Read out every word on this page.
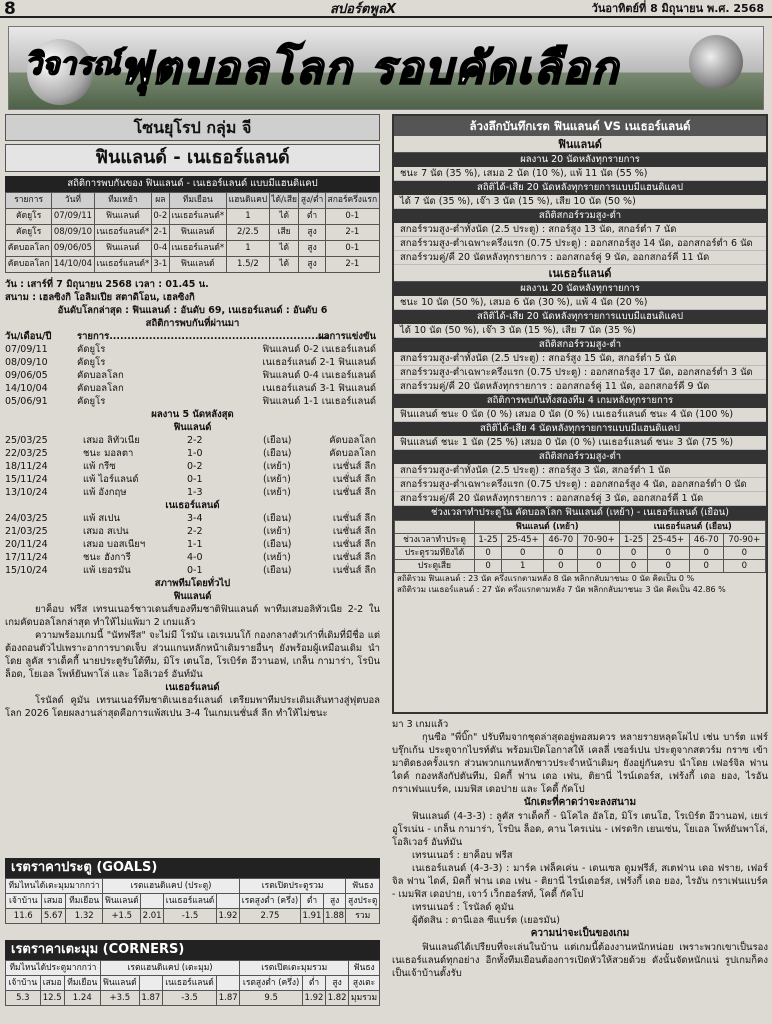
8	สปอร์ตพูลX	วันอาทิตย์ที่ 8 มิถุนายน พ.ศ. 2568
วิจารณ์
ฟุตบอลโลก รอบคัดเลือก
โซนยุโรป กลุ่ม จี
ฟินแลนด์ - เนเธอร์แลนด์
สถิติการพบกันของ ฟินแลนด์ - เนเธอร์แลนด์ แบบมีแฮนดิแคป
รายการ	วันที่	ทีมเหย้า	ผล	ทีมเยือน	แฮนดิแคป	ได้/เสีย	สูง/ต่ำ	สกอร์ครึ่งแรก
คัดยูโร	07/09/11	ฟินแลนด์	0-2	เนเธอร์แลนด์*	1	ได้	ต่ำ	0-1
คัดยูโร	08/09/10	เนเธอร์แลนด์*	2-1	ฟินแลนด์	2/2.5	เสีย	สูง	2-1
คัดบอลโลก	09/06/05	ฟินแลนด์	0-4	เนเธอร์แลนด์*	1	ได้	สูง	0-1
คัดบอลโลก	14/10/04	เนเธอร์แลนด์*	3-1	ฟินแลนด์	1.5/2	ได้	สูง	2-1
วัน : เสาร์ที่ 7 มิถุนายน 2568 เวลา : 01.45 น.
สนาม : เฮลซิงกิ โอลิมเปีย สตาดิโอน, เฮลซิงกิ
อันดับโลกล่าสุด : ฟินแลนด์ : อันดับ 69, เนเธอร์แลนด์ : อันดับ 6
สถิติการพบกันที่ผ่านมา
วัน/เดือน/ปี	รายการ.............................................................
ผลการแข่งขัน
07/09/11	คัดยูโร	ฟินแลนด์ 0-2 เนเธอร์แลนด์
08/09/10	คัดยูโร	เนเธอร์แลนด์ 2-1 ฟินแลนด์
09/06/05	คัดบอลโลก	ฟินแลนด์ 0-4 เนเธอร์แลนด์
14/10/04	คัดบอลโลก	เนเธอร์แลนด์ 3-1 ฟินแลนด์
05/06/91	คัดยูโร	ฟินแลนด์ 1-1 เนเธอร์แลนด์
ผลงาน 5 นัดหลังสุด
ฟินแลนด์
25/03/25	เสมอ ลิทัวเนีย	2-2	(เยือน)	คัดบอลโลก
22/03/25	ชนะ มอลตา	1-0	(เยือน)	คัดบอลโลก
18/11/24	แพ้ กรีซ	0-2	(เหย้า)	เนชั่นส์ ลีก
15/11/24	แพ้ ไอร์แลนด์	0-1	(เหย้า)	เนชั่นส์ ลีก
13/10/24	แพ้ อังกฤษ	1-3	(เหย้า)	เนชั่นส์ ลีก
เนเธอร์แลนด์
24/03/25	แพ้ สเปน	3-4	(เยือน)	เนชั่นส์ ลีก
21/03/25	เสมอ สเปน	2-2	(เหย้า)	เนชั่นส์ ลีก
20/11/24	เสมอ บอสเนียฯ	1-1	(เยือน)	เนชั่นส์ ลีก
17/11/24	ชนะ ฮังการี	4-0	(เหย้า)	เนชั่นส์ ลีก
15/10/24	แพ้ เยอรมัน	0-1	(เยือน)	เนชั่นส์ ลีก
สภาพทีมโดยทั่วไป
ฟินแลนด์

ยาค็อบ ฟรีส เทรนเนอร์ชาวเดนส์ของทีมชาติฟินแลนด์ พาทีมเสมอลิทัวเนีย 2-2 ในเกมคัดบอลโลกล่าสุด ทำให้ไม่แพ้มา 2 เกมแล้ว

ความพร้อมเกมนี้ "นัทฟรีส" จะไม่มี โรมัน เอเรเมนโก้ กองกลางตัวเก๋าที่เดิมที่มีชื่อ แต่ต้องถอนตัวไปเพราะอาการบาดเจ็บ ส่วนแกนหลักหน้าเดิมรายอื่นๆ ยังพร้อมผู้เหมือนเดิม นำโดย ลูคัส ราเด็คกี้ นายประตูรับใต้ทีม, มิโร เตนโฮ, โรเบิร์ต อีวานอฟ, เกล็น กามาร่า, โรบิน ล็อด, โยเอล โพห์ยันพาโล่ และ โอลิเวอร์ อันท์มัน

เนเธอร์แลนด์

โรนัลด์ คูมัน เทรนเนอร์ทีมชาติเนเธอร์แลนด์ เตรียมพาทีมประเดิมเส้นทางสู่ฟุตบอลโลก 2026 โดยผลงานล่าสุดคือการแพ้สเปน 3-4 ในเกมเนชั่นส์ ลีก ทำให้ไม่ชนะ

เรตราคาประตู (GOALS)
ทีมไหนได้เตะมุมมากกว่า			เรตแฮนดิแคป (ประตู)				เรตเปิดประตูรวม			ฟันธง
เจ้าบ้าน	เสมอ	ทีมเยือน	ฟินแลนด์		เนเธอร์แลนด์		เรตสูงต่ำ (ครึ่ง)	ต่ำ	สูง	สูงประตู
11.6	5.67	1.32	+1.5	2.01	-1.5	1.92	2.75	1.91	1.88	รวม
เรตราคาเตะมุม (CORNERS)
ทีมไหนได้ประตูมากกว่า			เรตแฮนดิแคป (เตะมุม)				เรตเปิดเตะมุมรวม			ฟันธง
เจ้าบ้าน	เสมอ	ทีมเยือน	ฟินแลนด์		เนเธอร์แลนด์		เรตสูงต่ำ (ครึ่ง)	ต่ำ	สูง	สูงเตะ
5.3	12.5	1.24	+3.5	1.87	-3.5	1.87	9.5	1.92	1.82	มุมรวม
ล้วงลึกบันทึกเรต ฟินแลนด์ VS เนเธอร์แลนด์
ฟินแลนด์
ผลงาน 20 นัดหลังทุกรายการ
ชนะ 7 นัด (35 %), เสมอ 2 นัด (10 %), แพ้ 11 นัด (55 %)
สถิติได้-เสีย 20 นัดหลังทุกรายการแบบมีแฮนดิแคป
ได้ 7 นัด (35 %), เจ๊า 3 นัด (15 %), เสีย 10 นัด (50 %)
สถิติสกอร์รวมสูง-ต่ำ
สกอร์รวมสูง-ต่ำทั้งนัด (2.5 ประตู) : สกอร์สูง 13 นัด, สกอร์ต่ำ 7 นัด
สกอร์รวมสูง-ต่ำเฉพาะครึ่งแรก (0.75 ประตู) : ออกสกอร์สูง 14 นัด, ออกสกอร์ต่ำ 6 นัด
สกอร์รวมคู่/คี่ 20 นัดหลังทุกรายการ : ออกสกอร์คู่ 9 นัด, ออกสกอร์คี่ 11 นัด
เนเธอร์แลนด์
ผลงาน 20 นัดหลังทุกรายการ
ชนะ 10 นัด (50 %), เสมอ 6 นัด (30 %), แพ้ 4 นัด (20 %)
สถิติได้-เสีย 20 นัดหลังทุกรายการแบบมีแฮนดิแคป
ได้ 10 นัด (50 %), เจ๊า 3 นัด (15 %), เสีย 7 นัด (35 %)
สถิติสกอร์รวมสูง-ต่ำ
สกอร์รวมสูง-ต่ำทั้งนัด (2.5 ประตู) : สกอร์สูง 15 นัด, สกอร์ต่ำ 5 นัด
สกอร์รวมสูง-ต่ำเฉพาะครึ่งแรก (0.75 ประตู) : ออกสกอร์สูง 17 นัด, ออกสกอร์ต่ำ 3 นัด
สกอร์รวมคู่/คี่ 20 นัดหลังทุกรายการ : ออกสกอร์คู่ 11 นัด, ออกสกอร์คี่ 9 นัด
สถิติการพบกันทั้งสองทีม 4 เกมหลังทุกรายการ
ฟินแลนด์ ชนะ 0 นัด (0 %) เสมอ 0 นัด (0 %) เนเธอร์แลนด์ ชนะ 4 นัด (100 %)
สถิติได้-เสีย 4 นัดหลังทุกรายการแบบมีแฮนดิแคป
ฟินแลนด์ ชนะ 1 นัด (25 %) เสมอ 0 นัด (0 %) เนเธอร์แลนด์ ชนะ 3 นัด (75 %)
สถิติสกอร์รวมสูง-ต่ำ
สกอร์รวมสูง-ต่ำทั้งนัด (2.5 ประตู) : สกอร์สูง 3 นัด, สกอร์ต่ำ 1 นัด
สกอร์รวมสูง-ต่ำเฉพาะครึ่งแรก (0.75 ประตู) : ออกสกอร์สูง 4 นัด, ออกสกอร์ต่ำ 0 นัด
สกอร์รวมคู่/คี่ 20 นัดหลังทุกรายการ : ออกสกอร์คู่ 3 นัด, ออกสกอร์คี่ 1 นัด
ช่วงเวลาทำประตูใน คัดบอลโลก ฟินแลนด์ (เหย้า) - เนเธอร์แลนด์ (เยือน)
	ฟินแลนด์ (เหย้า)				เนเธอร์แลนด์ (เยือน)			
ช่วงเวลาทำประตู	1-25	25-45+	46-70	70-90+	1-25	25-45+	46-70	70-90+
ประตูรวมที่ยิงได้	0	0	0	0	0	0	0	0
ประตูเสีย	0	1	0	0	0	0	0	0
สถิติรวม ฟินแลนด์ : 23 นัด ครึ่งแรกตามหลัง 8 นัด พลิกกลับมาชนะ 0 นัด คิดเป็น 0 %
สถิติรวม เนเธอร์แลนด์ : 27 นัด ครึ่งแรกตามหลัง 7 นัด พลิกกลับมาชนะ 3 นัด คิดเป็น 42.86 %

มา 3 เกมแล้ว

กุนซือ "พี่บิ๊ก" ปรับทีมจากชุดล่าสุดอยู่พอสมควร หลายรายหลุดโผไป เช่น บาร์ต แฟร์บรุ๊กเก้น ประตูจากไบรท์ตัน พร้อมเปิดโอกาสให้ เคลลี่ เซอร์เปน ประตูจากสตวร์ม กราซ เข้ามาติดธงครั้งแรก ส่วนพวกแกนหลักชาวประจำหน้าเดิมๆ ยังอยู่กันครบ นำโดย เฟอร์จิล ฟาน ไดค์ กองหลังกัปตันทีม, มิคกี้ ฟาน เดอ เฟน, ติยานี่ ไรน์เดอร์ส, เฟร้งกี้ เดอ ยอง, ไรอัน กราเฟนแบร์ค, เมมฟิส เดอปาย และ โคดี้ กัคโป

นักเตะที่คาดว่าจะลงสนาม

ฟินแลนด์ (4-3-3) : ลูคัส ราเด็คกี้ - นิโคไล อัลโฮ, มิโร เตนโฮ, โรเบิร์ต อีวานอฟ, เยเร่ อูโรเน่น - เกล็น กามาร่า, โรบิน ล็อด, คาน ไครเน่น - เฟรดริก เยนเซ่น, โยเอล โพห์ยันพาโล่, โอลิเวอร์ อันท์มัน

เทรนเนอร์ : ยาค็อบ ฟรีส

เนเธอร์แลนด์ (4-3-3) : มาร์ค เฟล็คเค่น - เดนเซล ดูมฟรีส์, สเตฟาน เดอ ฟราย, เฟอร์จิล ฟาน ไดค์, มิคกี้ ฟาน เดอ เฟน - ติยานี่ ไรน์เดอร์ส, เฟร้งกี้ เดอ ยอง, ไรอัน กราเฟนแบร์ค - เมมฟิส เดอปาย, เจาว์ เว็กฮอร์สท์, โคดี้ กัคโป

เทรนเนอร์ : โรนัลด์ คูมัน

ผู้ตัดสิน : ดานีเอล ซีแบร์ต (เยอรมัน)

ความน่าจะเป็นของเกม

ฟินแลนด์ได้เปรียบที่จะเล่นในบ้าน แต่เกมนี้ต้องงานหนักหน่อย เพราะพวกเขาเป็นรองเนเธอร์แลนด์ทุกอย่าง อีกทั้งทีมเยือนต้องการเปิดหัวให้สวยด้วย ดังนั้นจัดหนักแน่ รูปเกมก็คงเป็นเจ้าบ้านตั้งรับ
